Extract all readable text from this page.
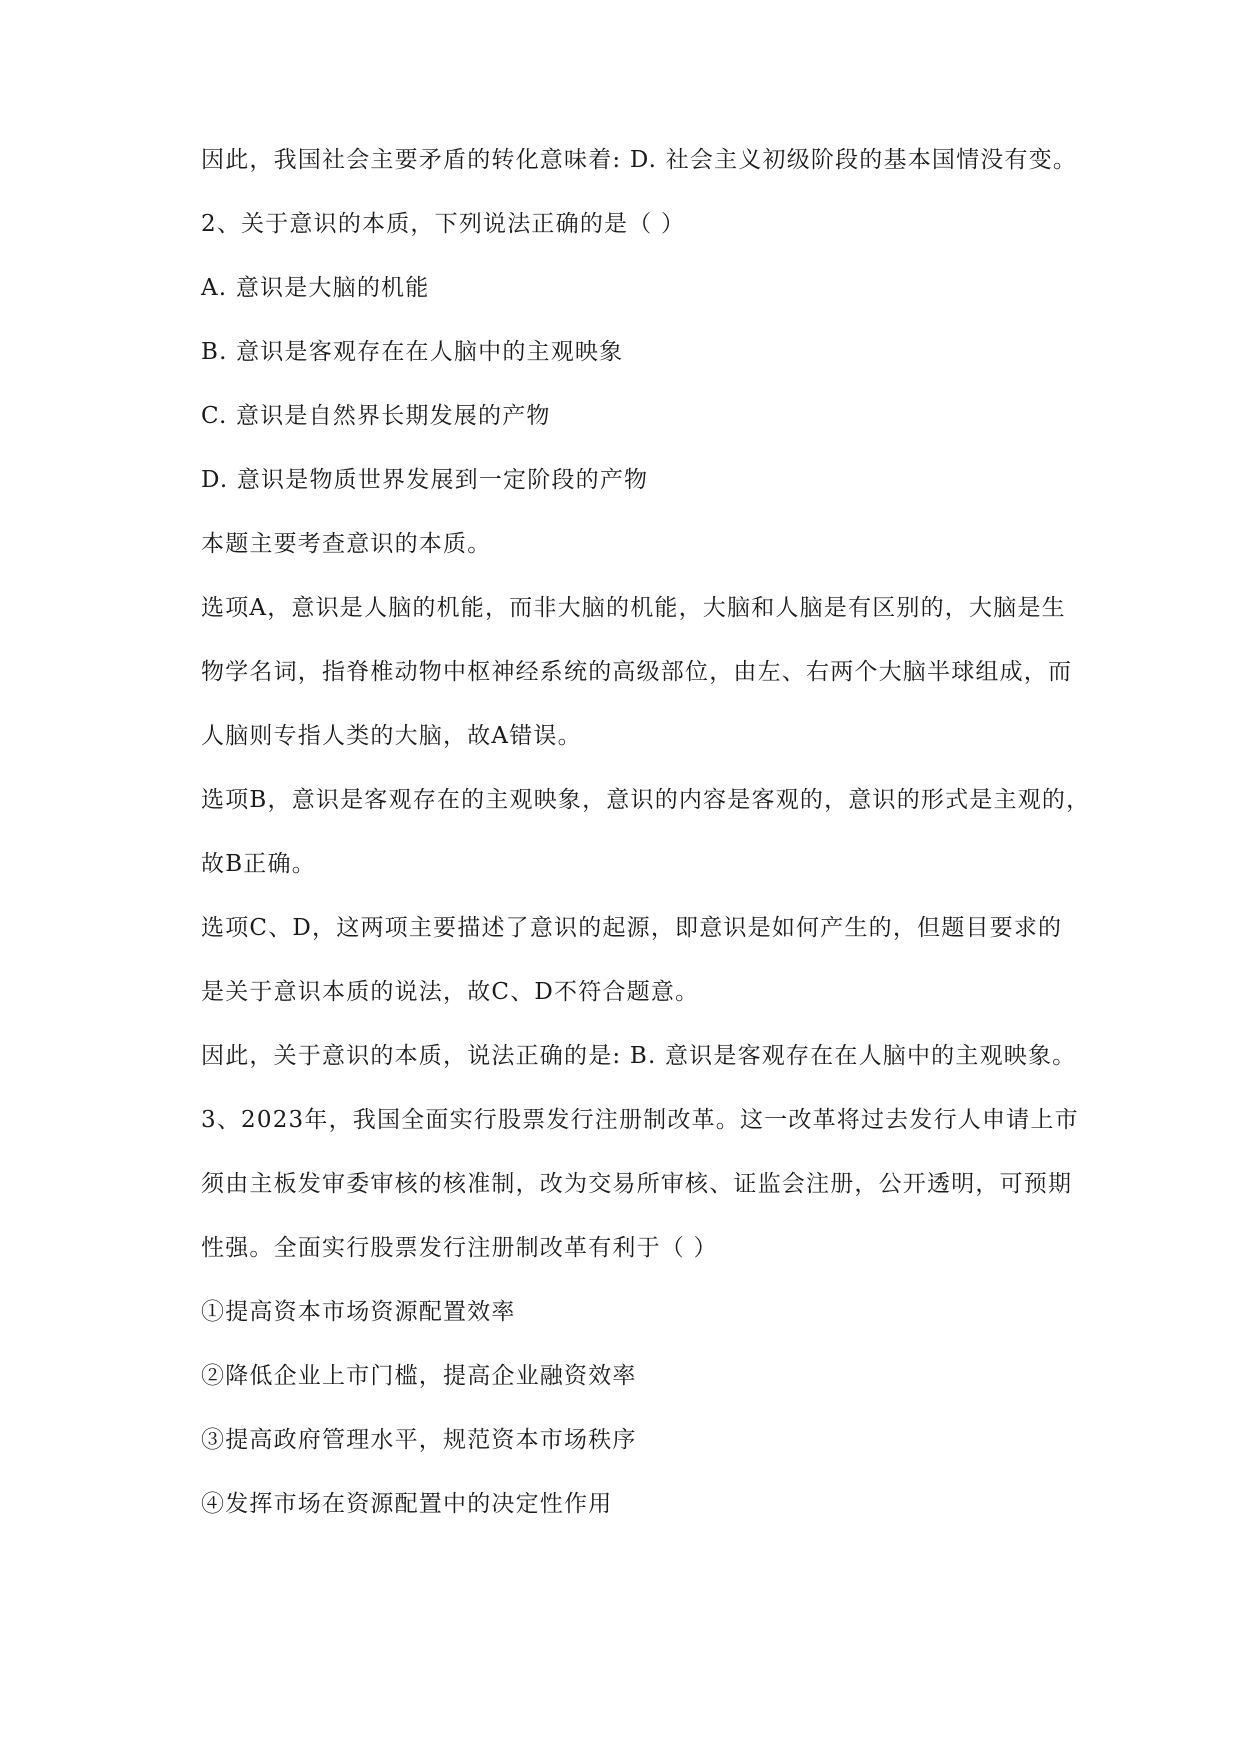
因此，我国社会主要矛盾的转化意味着: D. 社会主义初级阶段的基本国情没有变。

2、关于意识的本质，下列说法正确的是（ ）

A. 意识是大脑的机能

B. 意识是客观存在在人脑中的主观映象

C. 意识是自然界长期发展的产物

D. 意识是物质世界发展到一定阶段的产物

本题主要考查意识的本质。

选项A，意识是人脑的机能，而非大脑的机能，大脑和人脑是有区别的，大脑是生

物学名词，指脊椎动物中枢神经系统的高级部位，由左、右两个大脑半球组成，而

人脑则专指人类的大脑，故A错误。

选项B，意识是客观存在的主观映象，意识的内容是客观的，意识的形式是主观的，

故B正确。

选项C、D，这两项主要描述了意识的起源，即意识是如何产生的，但题目要求的

是关于意识本质的说法，故C、D不符合题意。

因此，关于意识的本质，说法正确的是: B. 意识是客观存在在人脑中的主观映象。

3、2023年，我国全面实行股票发行注册制改革。这一改革将过去发行人申请上市

须由主板发审委审核的核准制，改为交易所审核、证监会注册，公开透明，可预期

性强。全面实行股票发行注册制改革有利于（ ）

①提高资本市场资源配置效率

②降低企业上市门槛，提高企业融资效率

③提高政府管理水平，规范资本市场秩序

④发挥市场在资源配置中的决定性作用
